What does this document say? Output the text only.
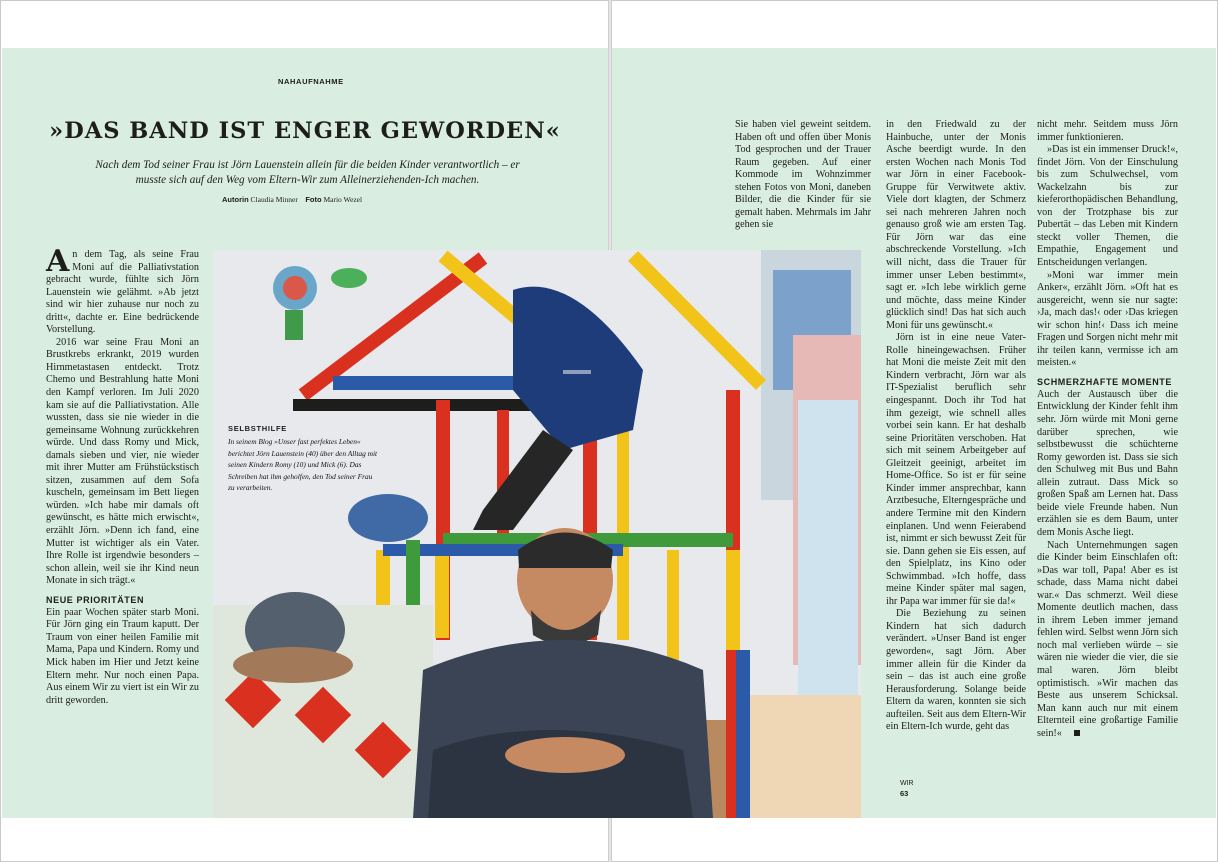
NAHAUFNAHME
»DAS BAND IST ENGER GEWORDEN«

Nach dem Tod seiner Frau ist Jörn Lauenstein allein für die beiden Kinder verantwortlich – er musste sich auf den Weg vom Eltern-Wir zum Alleinerziehenden-Ich machen.

Autorin Claudia Minner Foto Mario Wezel

An dem Tag, als seine Frau Moni auf die Palliativstation gebracht wurde, fühlte sich Jörn Lauenstein wie gelähmt. »Ab jetzt sind wir hier zuhause nur noch zu dritt«, dachte er. Eine bedrückende Vorstellung.

2016 war seine Frau Moni an Brustkrebs erkrankt, 2019 wurden Hirnmetastasen entdeckt. Trotz Chemo und Bestrahlung hatte Moni den Kampf verloren. Im Juli 2020 kam sie auf die Palliativstation. Alle wussten, dass sie nie wieder in die gemeinsame Wohnung zurückkehren würde. Und dass Romy und Mick, damals sieben und vier, nie wieder mit ihrer Mutter am Frühstückstisch sitzen, zusammen auf dem Sofa kuscheln, gemeinsam im Bett liegen würden. »Ich habe mir damals oft gewünscht, es hätte mich erwischt«, erzählt Jörn. »Denn ich fand, eine Mutter ist wichtiger als ein Vater. Ihre Rolle ist irgendwie besonders – schon allein, weil sie ihr Kind neun Monate in sich trägt.«

NEUE PRIORITÄTEN

Ein paar Wochen später starb Moni. Für Jörn ging ein Traum kaputt. Der Traum von einer heilen Familie mit Mama, Papa und Kindern. Romy und Mick haben im Hier und Jetzt keine Eltern mehr. Nur noch einen Papa. Aus einem Wir zu viert ist ein Wir zu dritt geworden.

SELBSTHILFE
In seinem Blog »Unser fast perfektes Leben« berichtet Jörn Lauenstein (40) über den Alltag mit seinen Kindern Romy (10) und Mick (6). Das Schreiben hat ihm geholfen, den Tod seiner Frau zu verarbeiten.

Sie haben viel geweint seitdem. Haben oft und offen über Monis Tod gesprochen und der Trauer Raum gegeben. Auf einer Kommode im Wohnzimmer stehen Fotos von Moni, daneben Bilder, die die Kinder für sie gemalt haben. Mehrmals im Jahr gehen sie

in den Friedwald zu der Hainbuche, unter der Monis Asche beerdigt wurde. In den ersten Wochen nach Monis Tod war Jörn in einer Facebook-Gruppe für Verwitwete aktiv. Viele dort klagten, der Schmerz sei nach mehreren Jahren noch genauso groß wie am ersten Tag. Für Jörn war das eine abschreckende Vorstellung. »Ich will nicht, dass die Trauer für immer unser Leben bestimmt«, sagt er. »Ich lebe wirklich gerne und möchte, dass meine Kinder glücklich sind! Das hat sich auch Moni für uns gewünscht.«

Jörn ist in eine neue Vater-Rolle hineingewachsen. Früher hat Moni die meiste Zeit mit den Kindern verbracht, Jörn war als IT-Spezialist beruflich sehr eingespannt. Doch ihr Tod hat ihm gezeigt, wie schnell alles vorbei sein kann. Er hat deshalb seine Prioritäten verschoben. Hat sich mit seinem Arbeitgeber auf Gleitzeit geeinigt, arbeitet im Home-Office. So ist er für seine Kinder immer ansprechbar, kann Arztbesuche, Elterngespräche und andere Termine mit den Kindern einplanen. Und wenn Feierabend ist, nimmt er sich bewusst Zeit für sie. Dann gehen sie Eis essen, auf den Spielplatz, ins Kino oder Schwimmbad. »Ich hoffe, dass meine Kinder später mal sagen, ihr Papa war immer für sie da!«

Die Beziehung zu seinen Kindern hat sich dadurch verändert. »Unser Band ist enger geworden«, sagt Jörn. Aber immer allein für die Kinder da sein – das ist auch eine große Herausforderung. Solange beide Eltern da waren, konnten sie sich aufteilen. Seit aus dem Eltern-Wir ein Eltern-Ich wurde, geht das

nicht mehr. Seitdem muss Jörn immer funktionieren.

»Das ist ein immenser Druck!«, findet Jörn. Von der Einschulung bis zum Schulwechsel, vom Wackelzahn bis zur kieferorthopädischen Behandlung, von der Trotzphase bis zur Pubertät – das Leben mit Kindern steckt voller Themen, die Empathie, Engagement und Entscheidungen verlangen.

»Moni war immer mein Anker«, erzählt Jörn. »Oft hat es ausgereicht, wenn sie nur sagte: ›Ja, mach das!‹ oder ›Das kriegen wir schon hin!‹ Dass ich meine Fragen und Sorgen nicht mehr mit ihr teilen kann, vermisse ich am meisten.«

SCHMERZHAFTE MOMENTE

Auch der Austausch über die Entwicklung der Kinder fehlt ihm sehr. Jörn würde mit Moni gerne darüber sprechen, wie selbstbewusst die schüchterne Romy geworden ist. Dass sie sich den Schulweg mit Bus und Bahn allein zutraut. Dass Mick so großen Spaß am Lernen hat. Dass beide viele Freunde haben. Nun erzählen sie es dem Baum, unter dem Monis Asche liegt.

Nach Unternehmungen sagen die Kinder beim Einschlafen oft: »Das war toll, Papa! Aber es ist schade, dass Mama nicht dabei war.« Das schmerzt. Weil diese Momente deutlich machen, dass in ihrem Leben immer jemand fehlen wird. Selbst wenn Jörn sich noch mal verlieben würde – sie wären nie wieder die vier, die sie mal waren. Jörn bleibt optimistisch. »Wir machen das Beste aus unserem Schicksal. Man kann auch nur mit einem Elternteil eine großartige Familie sein!«

WIR
63
